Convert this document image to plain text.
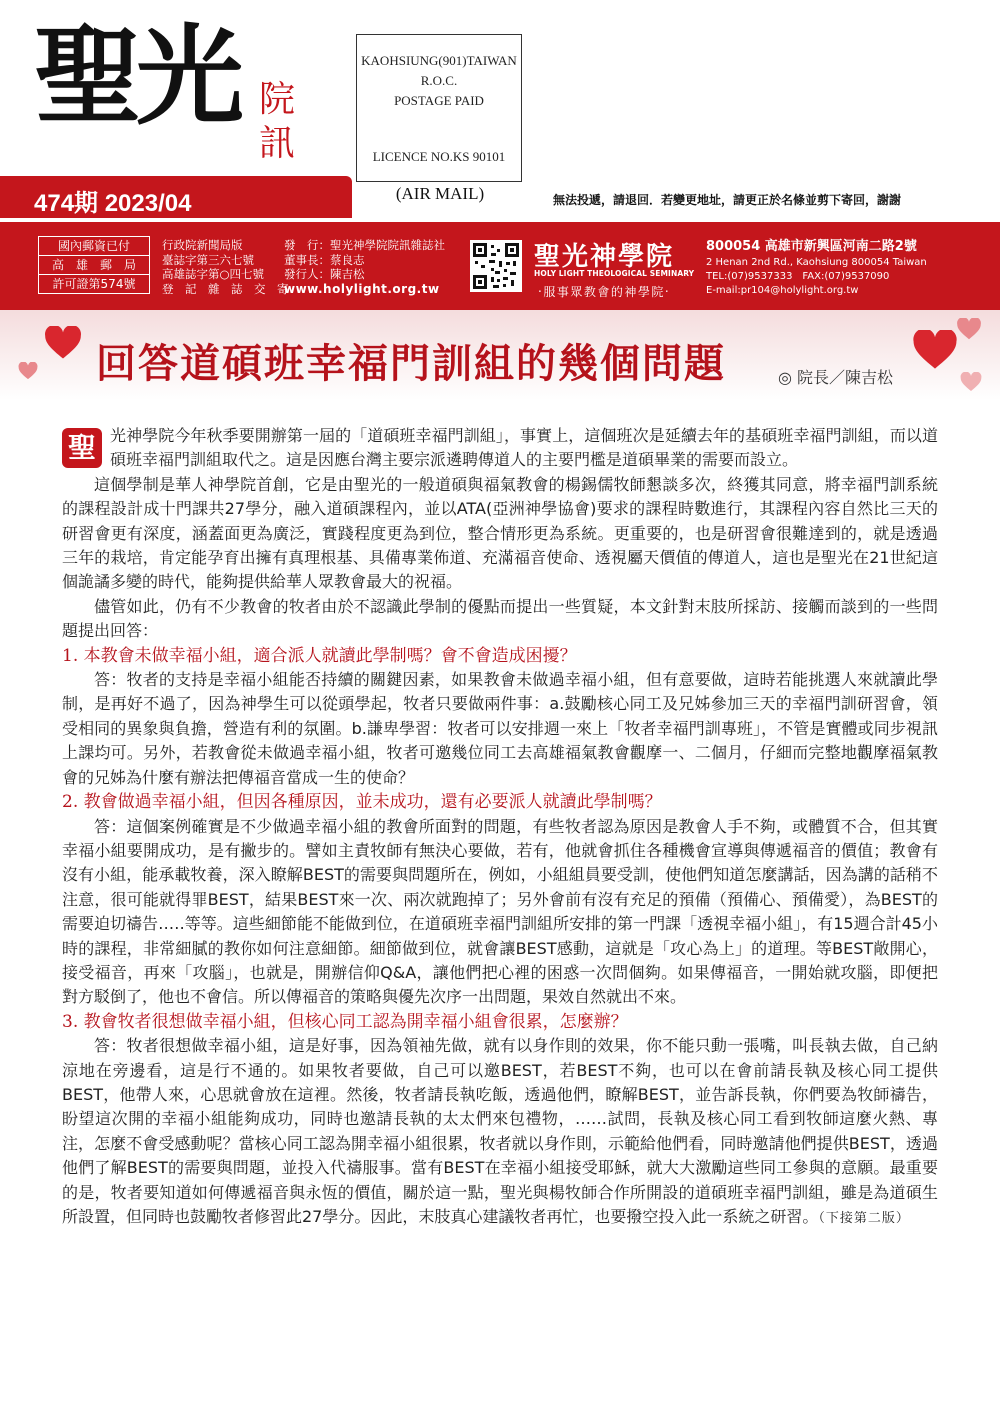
聖光 院訊
KAOHSIUNG(901)TAIWAN
R.O.C.
POSTAGE PAID
LICENCE NO.KS 90101
(AIR MAIL)
474期 2023/04	無法投遞，請退回．若變更地址，請更正於名條並剪下寄回，謝謝
國內郵資已付
高　雄　郵　局
許可證第574號
行政院新聞局版
臺誌字第三六七號
高雄誌字第○四七號
登　記　雜　誌　交　寄
發　行：聖光神學院院訊雜誌社
董事長：蔡良志
發行人：陳吉松
www.holylight.org.tw
聖光神學院
HOLY LIGHT THEOLOGICAL SEMINARY
‧服事眾教會的神學院‧
800054 高雄市新興區河南二路2號
2 Henan 2nd Rd., Kaohsiung 800054 Taiwan
TEL:(07)9537333　FAX:(07)9537090
E-mail:pr104@holylight.org.tw
回答道碩班幸福門訓組的幾個問題	◎ 院長／陳吉松

聖 光神學院今年秋季要開辦第一屆的「道碩班幸福門訓組」，事實上，這個班次是延續去年的基碩班幸福門訓組，而以道碩班幸福門訓組取代之。這是因應台灣主要宗派遴聘傳道人的主要門檻是道碩畢業的需要而設立。

這個學制是華人神學院首創，它是由聖光的一般道碩與福氣教會的楊錫儒牧師懇談多次，終獲其同意，將幸福門訓系統的課程設計成十門課共27學分，融入道碩課程內，並以ATA(亞洲神學協會)要求的課程時數進行，其課程內容自然比三天的研習會更有深度，涵蓋面更為廣泛，實踐程度更為到位，整合情形更為系統。更重要的，也是研習會很難達到的，就是透過三年的栽培，肯定能孕育出擁有真理根基、具備專業佈道、充滿福音使命、透視屬天價值的傳道人，這也是聖光在21世紀這個詭譎多變的時代，能夠提供給華人眾教會最大的祝福。

儘管如此，仍有不少教會的牧者由於不認識此學制的優點而提出一些質疑，本文針對末肢所採訪、接觸而談到的一些問題提出回答：

1. 本教會未做幸福小組，適合派人就讀此學制嗎？會不會造成困擾？

答：牧者的支持是幸福小組能否持續的關鍵因素，如果教會未做過幸福小組，但有意要做，這時若能挑選人來就讀此學制，是再好不過了，因為神學生可以從頭學起，牧者只要做兩件事：a.鼓勵核心同工及兄姊參加三天的幸福門訓研習會，領受相同的異象與負擔，營造有利的氛圍。b.謙卑學習：牧者可以安排週一來上「牧者幸福門訓專班」，不管是實體或同步視訊上課均可。另外，若教會從未做過幸福小組，牧者可邀幾位同工去高雄福氣教會觀摩一、二個月，仔細而完整地觀摩福氣教會的兄姊為什麼有辦法把傳福音當成一生的使命？

2. 教會做過幸福小組，但因各種原因，並未成功，還有必要派人就讀此學制嗎？

答：這個案例確實是不少做過幸福小組的教會所面對的問題，有些牧者認為原因是教會人手不夠，或體質不合，但其實幸福小組要開成功，是有撇步的。譬如主責牧師有無決心要做，若有，他就會抓住各種機會宣導與傳遞福音的價值；教會有沒有小組，能承載牧養，深入瞭解BEST的需要與問題所在，例如，小組組員要受訓，使他們知道怎麼講話，因為講的話稍不注意，很可能就得罪BEST，結果BEST來一次、兩次就跑掉了；另外會前有沒有充足的預備（預備心、預備愛），為BEST的需要迫切禱告…‥等等。這些細節能不能做到位，在道碩班幸福門訓組所安排的第一門課「透視幸福小組」，有15週合計45小時的課程，非常細膩的教你如何注意細節。細節做到位，就會讓BEST感動，這就是「攻心為上」的道理。等BEST敞開心，接受福音，再來「攻腦」，也就是，開辦信仰Q&A，讓他們把心裡的困惑一次問個夠。如果傳福音，一開始就攻腦，即便把對方駁倒了，他也不會信。所以傳福音的策略與優先次序一出問題，果效自然就出不來。

3. 教會牧者很想做幸福小組，但核心同工認為開幸福小組會很累，怎麼辦？

答：牧者很想做幸福小組，這是好事，因為領袖先做，就有以身作則的效果，你不能只動一張嘴，叫長執去做，自己納涼地在旁邊看，這是行不通的。如果牧者要做，自己可以邀BEST，若BEST不夠，也可以在會前請長執及核心同工提供BEST，他帶人來，心思就會放在這裡。然後，牧者請長執吃飯，透過他們，瞭解BEST，並告訴長執，你們要為牧師禱告，盼望這次開的幸福小組能夠成功，同時也邀請長執的太太們來包禮物，……試問，長執及核心同工看到牧師這麼火熱、專注，怎麼不會受感動呢？當核心同工認為開幸福小組很累，牧者就以身作則，示範給他們看，同時邀請他們提供BEST，透過他們了解BEST的需要與問題，並投入代禱服事。當有BEST在幸福小組接受耶穌，就大大激勵這些同工參與的意願。最重要的是，牧者要知道如何傳遞福音與永恆的價值，關於這一點，聖光與楊牧師合作所開設的道碩班幸福門訓組，雖是為道碩生所設置，但同時也鼓勵牧者修習此27學分。因此，末肢真心建議牧者再忙，也要撥空投入此一系統之研習。（下接第二版）
